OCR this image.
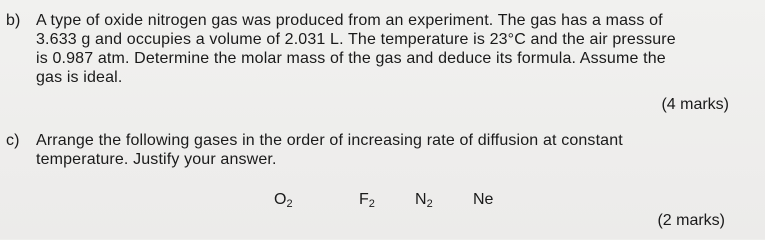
b) A type of oxide nitrogen gas was produced from an experiment. The gas has a mass of
3.633 g and occupies a volume of 2.031 L. The temperature is 23°C and the air pressure
is 0.987 atm. Determine the molar mass of the gas and deduce its formula. Assume the
gas is ideal.
(4 marks)
c) Arrange the following gases in the order of increasing rate of diffusion at constant
temperature. Justify your answer.
$O_2$	$F_2$	$N_2$	Ne
(2 marks)
